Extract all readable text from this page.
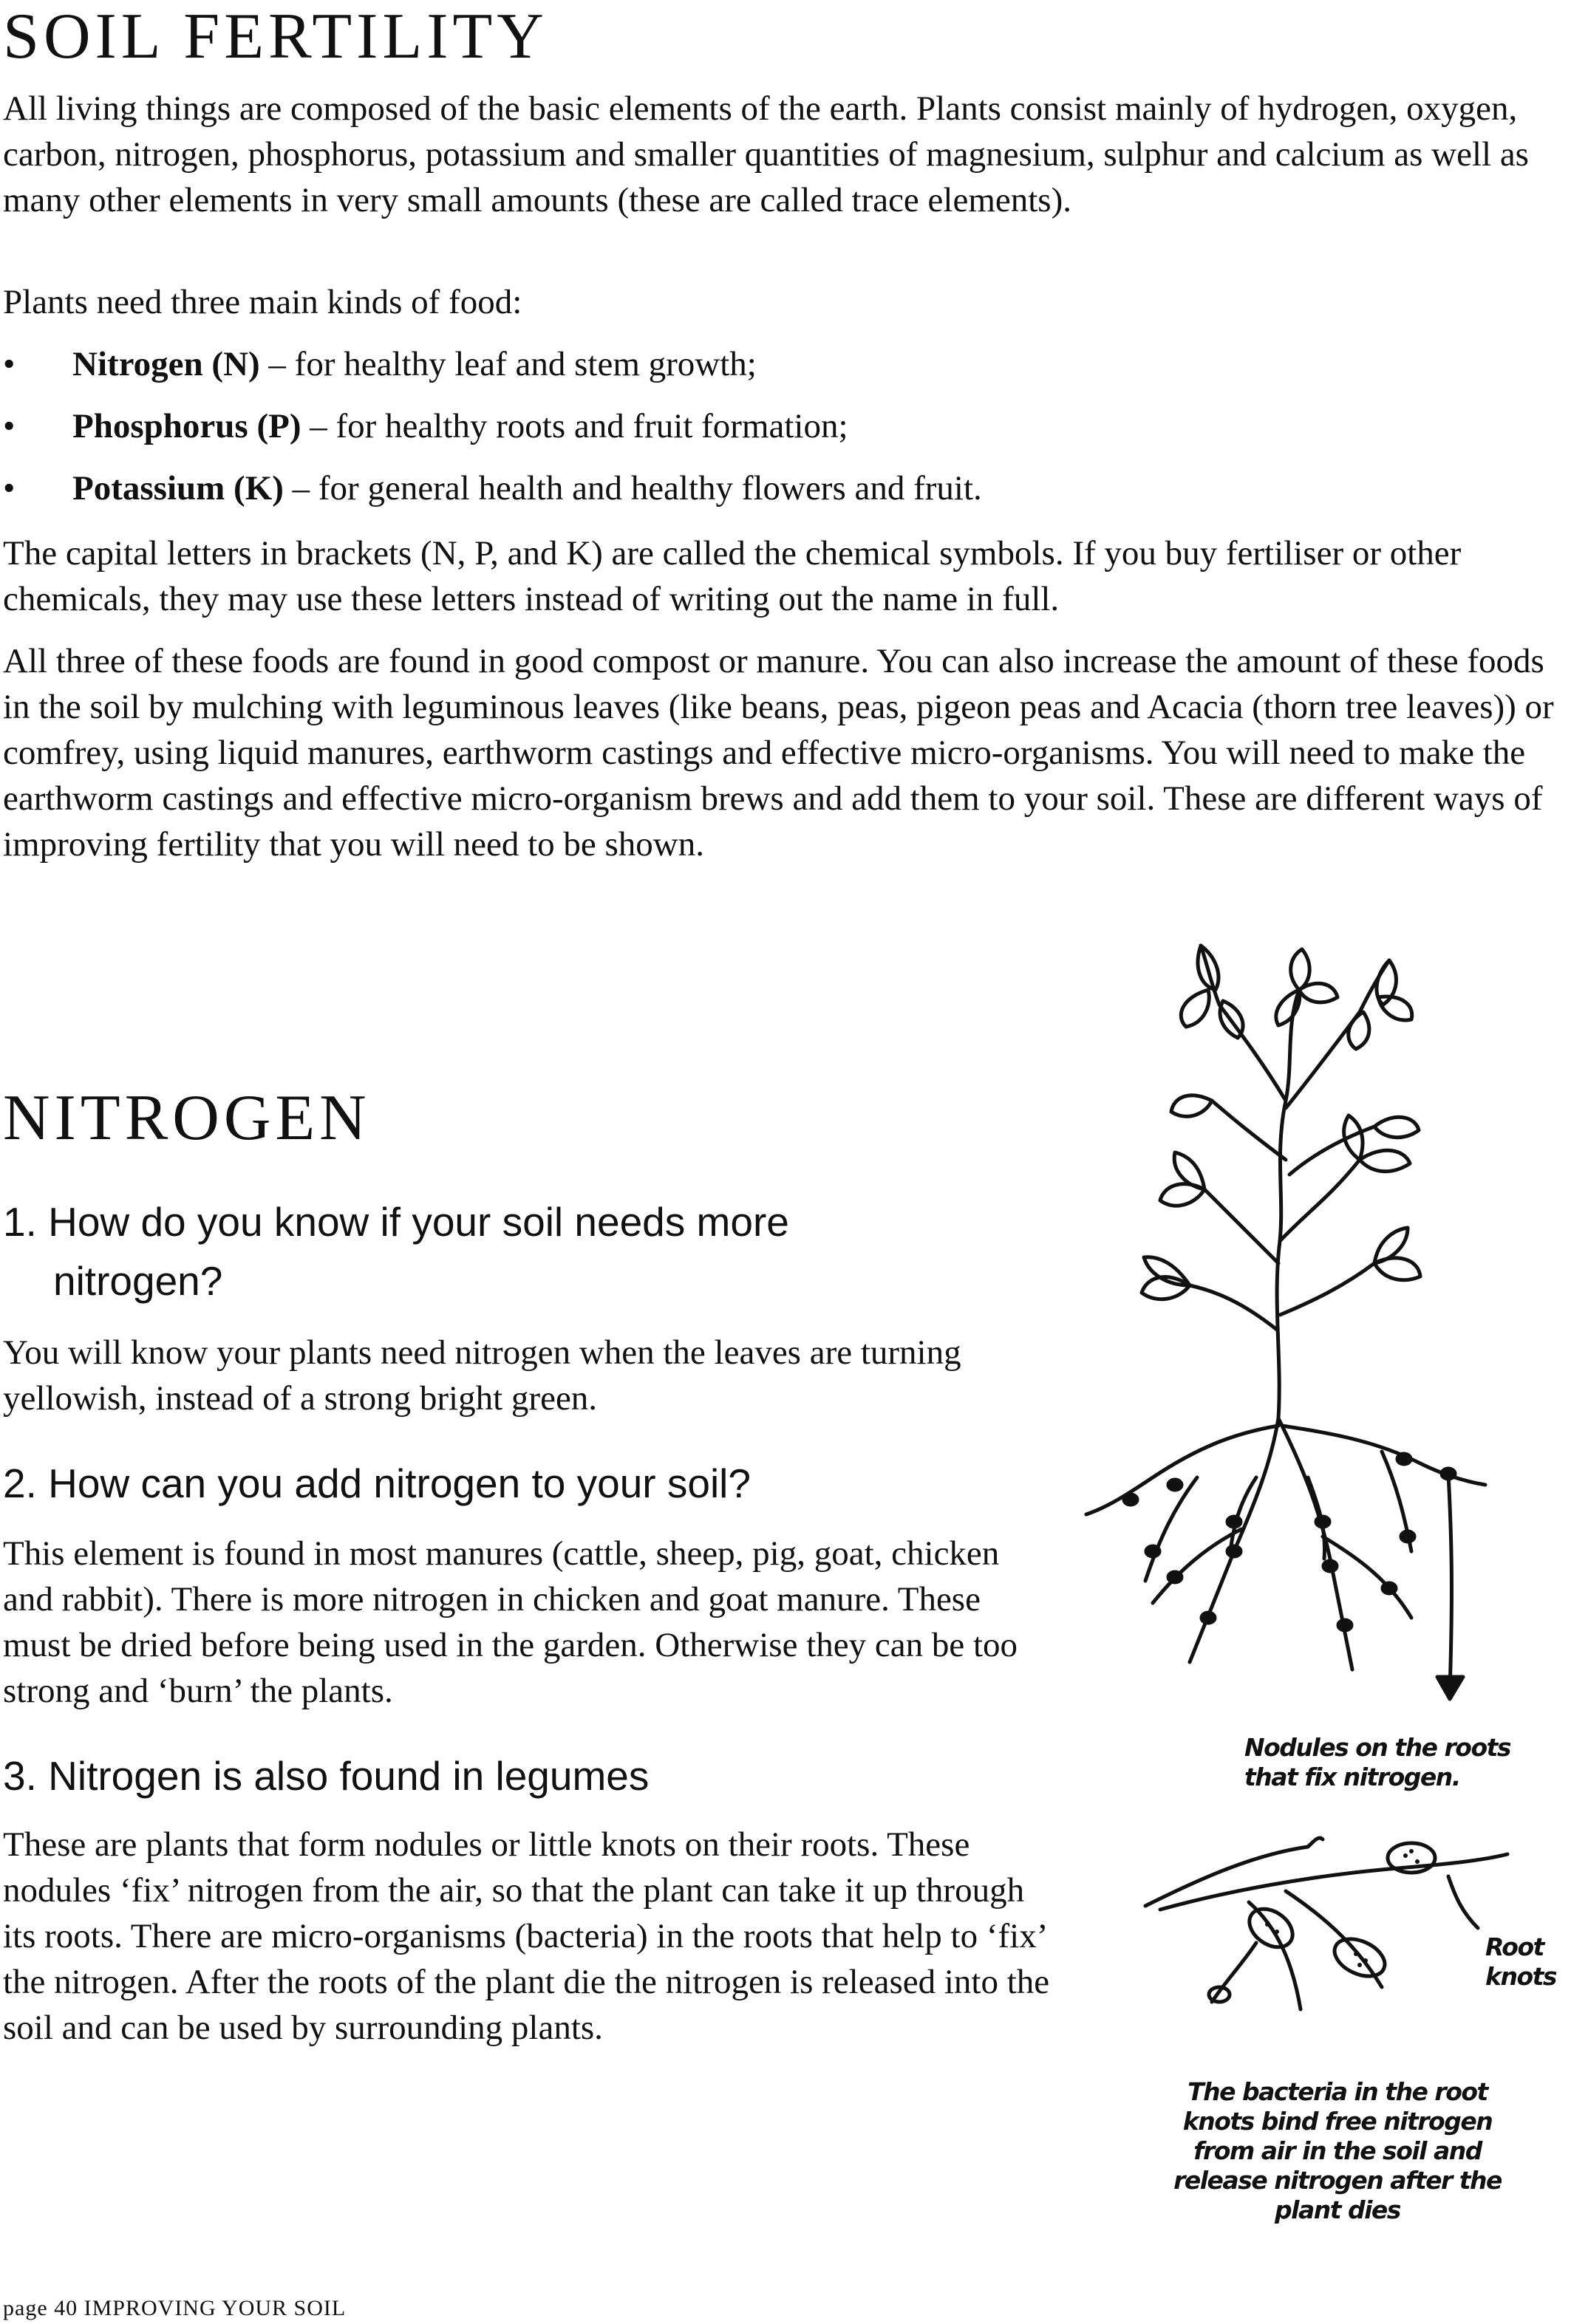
SOIL FERTILITY

All living things are composed of the basic elements of the earth. Plants consist mainly of hydrogen, oxygen, carbon, nitrogen, phosphorus, potassium and smaller quantities of magnesium, sulphur and calcium as well as many other elements in very small amounts (these are called trace elements).

Plants need three main kinds of food:

• Nitrogen (N) – for healthy leaf and stem growth;
• Phosphorus (P) – for healthy roots and fruit formation;
• Potassium (K) – for general health and healthy flowers and fruit.

The capital letters in brackets (N, P, and K) are called the chemical symbols. If you buy fertiliser or other chemicals, they may use these letters instead of writing out the name in full.

All three of these foods are found in good compost or manure. You can also increase the amount of these foods in the soil by mulching with leguminous leaves (like beans, peas, pigeon peas and Acacia (thorn tree leaves)) or comfrey, using liquid manures, earthworm castings and effective micro-organisms. You will need to make the earthworm castings and effective micro-organism brews and add them to your soil. These are different ways of improving fertility that you will need to be shown.

NITROGEN
1. How do you know if your soil needs more
nitrogen?

You will know your plants need nitrogen when the leaves are turning yellowish, instead of a strong bright green.

2. How can you add nitrogen to your soil?

This element is found in most manures (cattle, sheep, pig, goat, chicken and rabbit). There is more nitrogen in chicken and goat manure. These must be dried before being used in the garden. Otherwise they can be too strong and ‘burn’ the plants.

3. Nitrogen is also found in legumes

These are plants that form nodules or little knots on their roots. These nodules ‘fix’ nitrogen from the air, so that the plant can take it up through its roots. There are micro-organisms (bacteria) in the roots that help to ‘fix’ the nitrogen. After the roots of the plant die the nitrogen is released into the soil and can be used by surrounding plants.

Nodules on the roots
that fix nitrogen.
Root
knots
The bacteria in the root
knots bind free nitrogen
from air in the soil and
release nitrogen after the
plant dies
page 40 IMPROVING YOUR SOIL
